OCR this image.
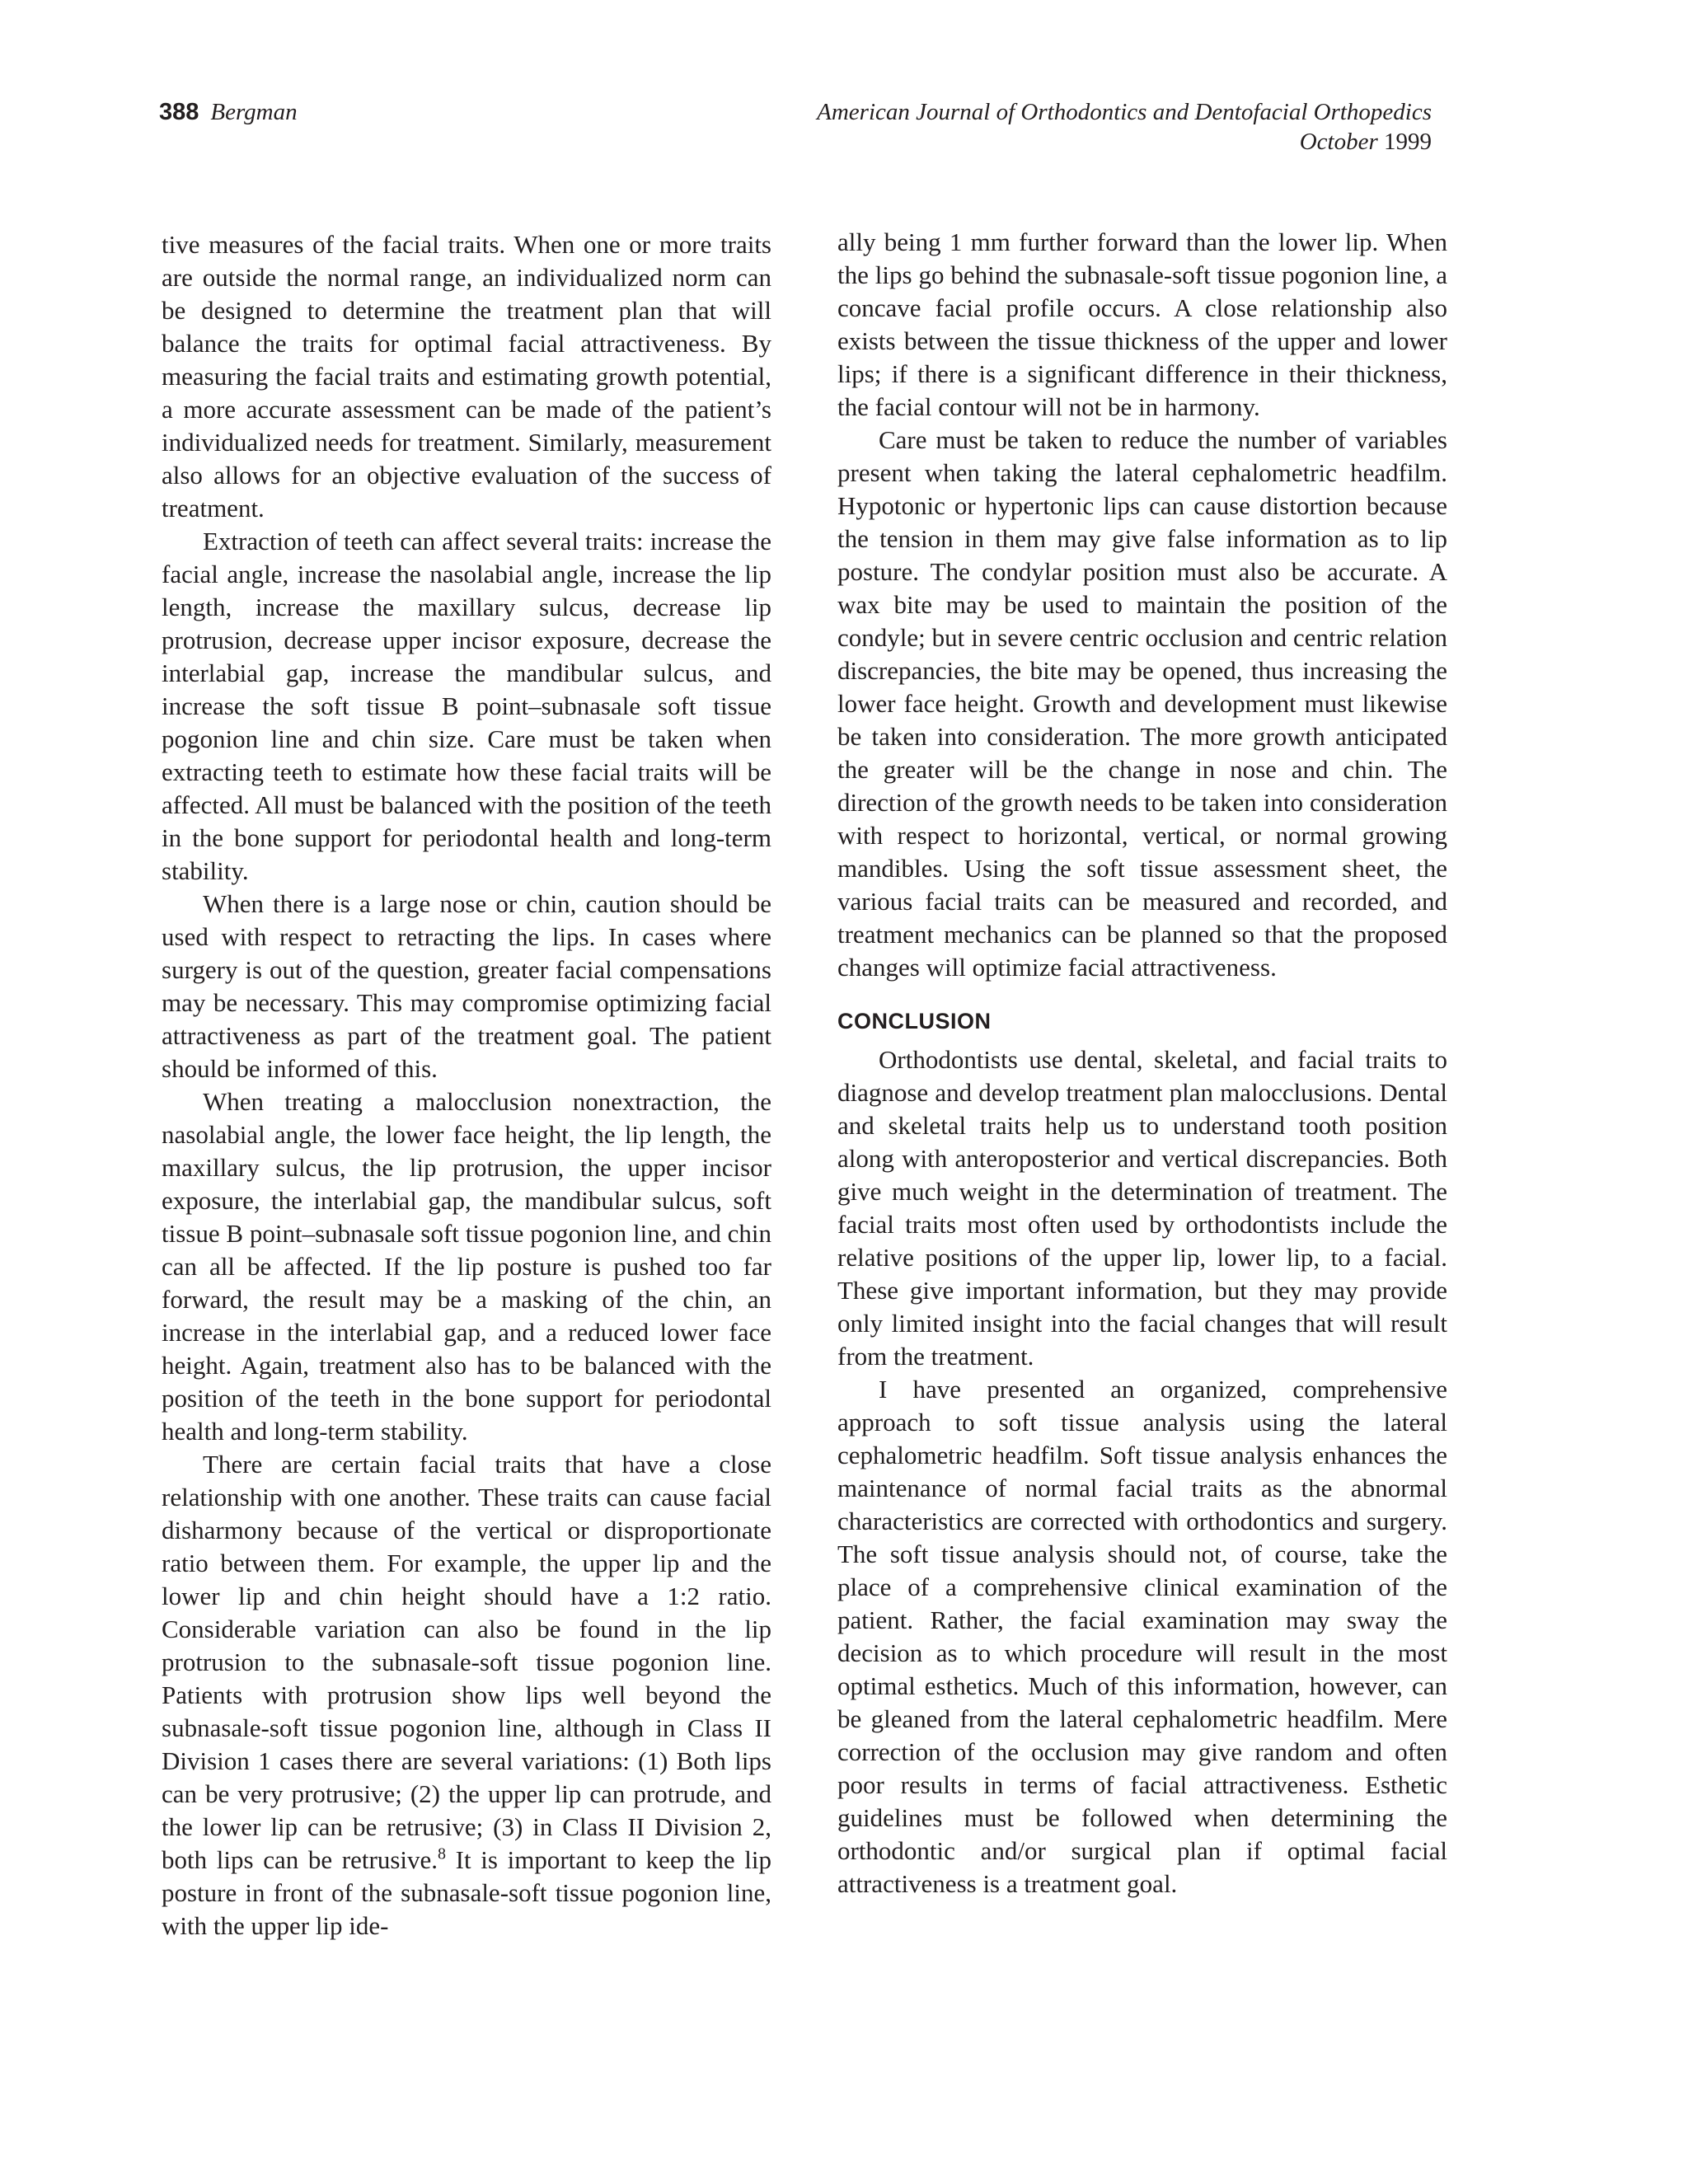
388 Bergman	American Journal of Orthodontics and Dentofacial Orthopedics
October 1999

tive measures of the facial traits. When one or more traits are outside the normal range, an individualized norm can be designed to determine the treatment plan that will balance the traits for optimal facial attractiveness. By measuring the facial traits and estimating growth potential, a more accurate assessment can be made of the patient’s individualized needs for treatment. Similarly, measurement also allows for an objective evaluation of the success of treatment.

Extraction of teeth can affect several traits: increase the facial angle, increase the nasolabial angle, increase the lip length, increase the maxillary sulcus, decrease lip protrusion, decrease upper incisor exposure, decrease the interlabial gap, increase the mandibular sulcus, and increase the soft tissue B point–subnasale soft tissue pogonion line and chin size. Care must be taken when extracting teeth to estimate how these facial traits will be affected. All must be balanced with the position of the teeth in the bone support for periodontal health and long-term stability.

When there is a large nose or chin, caution should be used with respect to retracting the lips. In cases where surgery is out of the question, greater facial compensations may be necessary. This may compromise optimizing facial attractiveness as part of the treatment goal. The patient should be informed of this.

When treating a malocclusion nonextraction, the nasolabial angle, the lower face height, the lip length, the maxillary sulcus, the lip protrusion, the upper incisor exposure, the interlabial gap, the mandibular sulcus, soft tissue B point–subnasale soft tissue pogonion line, and chin can all be affected. If the lip posture is pushed too far forward, the result may be a masking of the chin, an increase in the interlabial gap, and a reduced lower face height. Again, treatment also has to be balanced with the position of the teeth in the bone support for periodontal health and long-term stability.

There are certain facial traits that have a close relationship with one another. These traits can cause facial disharmony because of the vertical or disproportionate ratio between them. For example, the upper lip and the lower lip and chin height should have a 1:2 ratio. Considerable variation can also be found in the lip protrusion to the subnasale-soft tissue pogonion line. Patients with protrusion show lips well beyond the subnasale-soft tissue pogonion line, although in Class II Division 1 cases there are several variations: (1) Both lips can be very protrusive; (2) the upper lip can protrude, and the lower lip can be retrusive; (3) in Class II Division 2, both lips can be retrusive.$^8$ It is important to keep the lip posture in front of the subnasale-soft tissue pogonion line, with the upper lip ide-

ally being 1 mm further forward than the lower lip. When the lips go behind the subnasale-soft tissue pogonion line, a concave facial profile occurs. A close relationship also exists between the tissue thickness of the upper and lower lips; if there is a significant difference in their thickness, the facial contour will not be in harmony.

Care must be taken to reduce the number of variables present when taking the lateral cephalometric headfilm. Hypotonic or hypertonic lips can cause distortion because the tension in them may give false information as to lip posture. The condylar position must also be accurate. A wax bite may be used to maintain the position of the condyle; but in severe centric occlusion and centric relation discrepancies, the bite may be opened, thus increasing the lower face height. Growth and development must likewise be taken into consideration. The more growth anticipated the greater will be the change in nose and chin. The direction of the growth needs to be taken into consideration with respect to horizontal, vertical, or normal growing mandibles. Using the soft tissue assessment sheet, the various facial traits can be measured and recorded, and treatment mechanics can be planned so that the proposed changes will optimize facial attractiveness.

CONCLUSION

Orthodontists use dental, skeletal, and facial traits to diagnose and develop treatment plan malocclusions. Dental and skeletal traits help us to understand tooth position along with anteroposterior and vertical discrepancies. Both give much weight in the determination of treatment. The facial traits most often used by orthodontists include the relative positions of the upper lip, lower lip, to a facial. These give important information, but they may provide only limited insight into the facial changes that will result from the treatment.

I have presented an organized, comprehensive approach to soft tissue analysis using the lateral cephalometric headfilm. Soft tissue analysis enhances the maintenance of normal facial traits as the abnormal characteristics are corrected with orthodontics and surgery. The soft tissue analysis should not, of course, take the place of a comprehensive clinical examination of the patient. Rather, the facial examination may sway the decision as to which procedure will result in the most optimal esthetics. Much of this information, however, can be gleaned from the lateral cephalometric headfilm. Mere correction of the occlusion may give random and often poor results in terms of facial attractiveness. Esthetic guidelines must be followed when determining the orthodontic and/or surgical plan if optimal facial attractiveness is a treatment goal.
